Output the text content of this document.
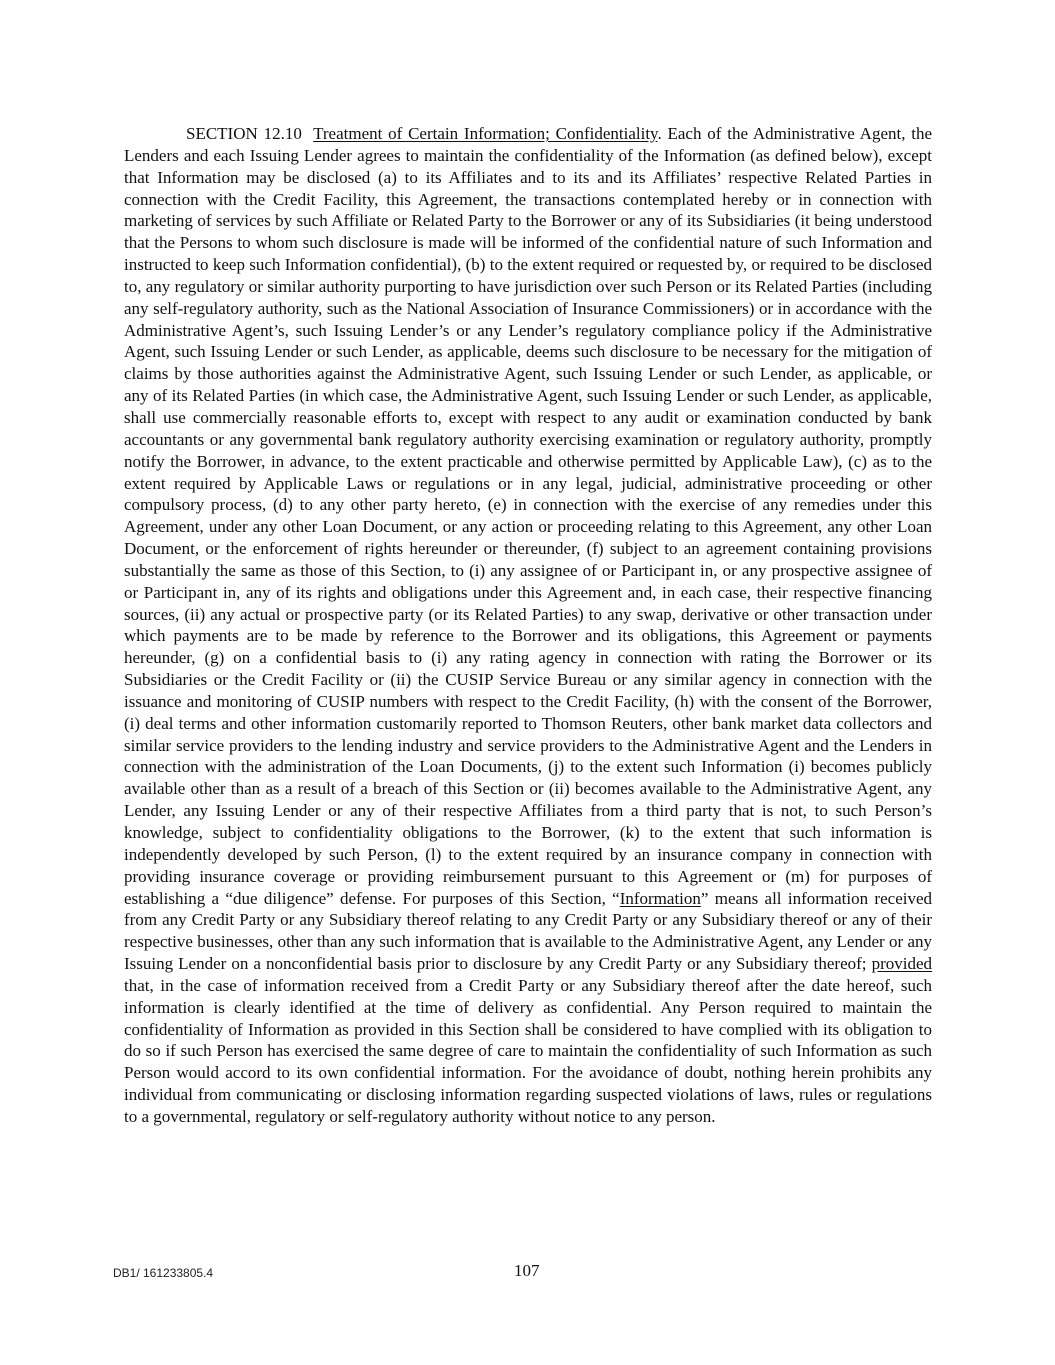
SECTION 12.10 Treatment of Certain Information; Confidentiality. Each of the Administrative Agent, the Lenders and each Issuing Lender agrees to maintain the confidentiality of the Information (as defined below), except that Information may be disclosed (a) to its Affiliates and to its and its Affiliates’ respective Related Parties in connection with the Credit Facility, this Agreement, the transactions contemplated hereby or in connection with marketing of services by such Affiliate or Related Party to the Borrower or any of its Subsidiaries (it being understood that the Persons to whom such disclosure is made will be informed of the confidential nature of such Information and instructed to keep such Information confidential), (b) to the extent required or requested by, or required to be disclosed to, any regulatory or similar authority purporting to have jurisdiction over such Person or its Related Parties (including any self-regulatory authority, such as the National Association of Insurance Commissioners) or in accordance with the Administrative Agent’s, such Issuing Lender’s or any Lender’s regulatory compliance policy if the Administrative Agent, such Issuing Lender or such Lender, as applicable, deems such disclosure to be necessary for the mitigation of claims by those authorities against the Administrative Agent, such Issuing Lender or such Lender, as applicable, or any of its Related Parties (in which case, the Administrative Agent, such Issuing Lender or such Lender, as applicable, shall use commercially reasonable efforts to, except with respect to any audit or examination conducted by bank accountants or any governmental bank regulatory authority exercising examination or regulatory authority, promptly notify the Borrower, in advance, to the extent practicable and otherwise permitted by Applicable Law), (c) as to the extent required by Applicable Laws or regulations or in any legal, judicial, administrative proceeding or other compulsory process, (d) to any other party hereto, (e) in connection with the exercise of any remedies under this Agreement, under any other Loan Document, or any action or proceeding relating to this Agreement, any other Loan Document, or the enforcement of rights hereunder or thereunder, (f) subject to an agreement containing provisions substantially the same as those of this Section, to (i) any assignee of or Participant in, or any prospective assignee of or Participant in, any of its rights and obligations under this Agreement and, in each case, their respective financing sources, (ii) any actual or prospective party (or its Related Parties) to any swap, derivative or other transaction under which payments are to be made by reference to the Borrower and its obligations, this Agreement or payments hereunder, (g) on a confidential basis to (i) any rating agency in connection with rating the Borrower or its Subsidiaries or the Credit Facility or (ii) the CUSIP Service Bureau or any similar agency in connection with the issuance and monitoring of CUSIP numbers with respect to the Credit Facility, (h) with the consent of the Borrower, (i) deal terms and other information customarily reported to Thomson Reuters, other bank market data collectors and similar service providers to the lending industry and service providers to the Administrative Agent and the Lenders in connection with the administration of the Loan Documents, (j) to the extent such Information (i) becomes publicly available other than as a result of a breach of this Section or (ii) becomes available to the Administrative Agent, any Lender, any Issuing Lender or any of their respective Affiliates from a third party that is not, to such Person’s knowledge, subject to confidentiality obligations to the Borrower, (k) to the extent that such information is independently developed by such Person, (l) to the extent required by an insurance company in connection with providing insurance coverage or providing reimbursement pursuant to this Agreement or (m) for purposes of establishing a “due diligence” defense. For purposes of this Section, “Information” means all information received from any Credit Party or any Subsidiary thereof relating to any Credit Party or any Subsidiary thereof or any of their respective businesses, other than any such information that is available to the Administrative Agent, any Lender or any Issuing Lender on a nonconfidential basis prior to disclosure by any Credit Party or any Subsidiary thereof; provided that, in the case of information received from a Credit Party or any Subsidiary thereof after the date hereof, such information is clearly identified at the time of delivery as confidential. Any Person required to maintain the confidentiality of Information as provided in this Section shall be considered to have complied with its obligation to do so if such Person has exercised the same degree of care to maintain the confidentiality of such Information as such Person would accord to its own confidential information. For the avoidance of doubt, nothing herein prohibits any individual from communicating or disclosing information regarding suspected violations of laws, rules or regulations to a governmental, regulatory or self-regulatory authority without notice to any person.

DB1/ 161233805.4	107
